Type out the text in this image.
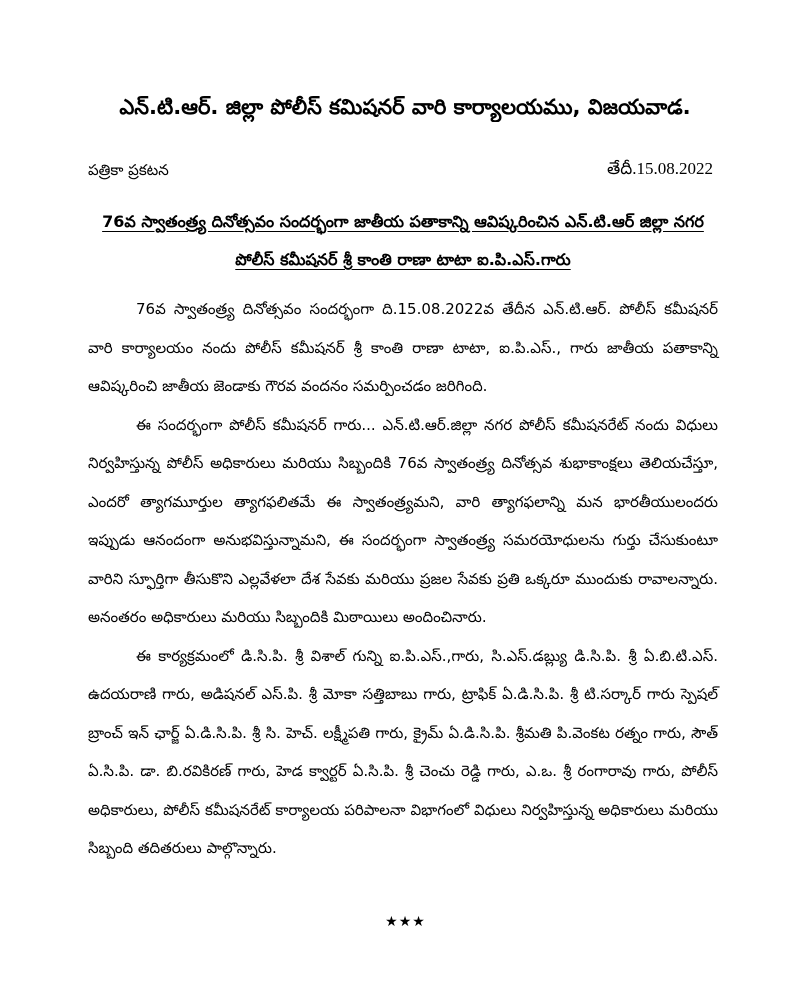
ఎన్.టి.ఆర్. జిల్లా పోలీస్ కమిషనర్ వారి కార్యాలయము, విజయవాడ.
పత్రికా ప్రకటన	తేదీ.15.08.2022
76వ స్వాతంత్ర్య దినోత్సవం సందర్భంగా జాతీయ పతాకాన్ని ఆవిష్కరించిన ఎన్.టి.ఆర్ జిల్లా నగర
పోలీస్ కమీషనర్ శ్రీ కాంతి రాణా టాటా ఐ.పి.ఎస్.గారు

76వ స్వాతంత్ర్య దినోత్సవం సందర్భంగా ది.15.08.2022వ తేదీన ఎన్.టి.ఆర్. పోలీస్ కమీషనర్ వారి కార్యాలయం నందు పోలీస్ కమీషనర్ శ్రీ కాంతి రాణా టాటా, ఐ.పి.ఎస్., గారు జాతీయ పతాకాన్ని ఆవిష్కరించి జాతీయ జెండాకు గౌరవ వందనం సమర్పించడం జరిగింది.

ఈ సందర్భంగా పోలీస్ కమీషనర్ గారు... ఎన్.టి.ఆర్.జిల్లా నగర పోలీస్ కమీషనరేట్ నందు విధులు నిర్వహిస్తున్న పోలీస్ అధికారులు మరియు సిబ్బందికి 76వ స్వాతంత్ర్య దినోత్సవ శుభాకాంక్షలు తెలియచేస్తూ, ఎందరో త్యాగమూర్తుల త్యాగఫలితమే ఈ స్వాతంత్ర్యమని, వారి త్యాగఫలాన్ని మన భారతీయులందరు ఇప్పుడు ఆనందంగా అనుభవిస్తున్నామని, ఈ సందర్భంగా స్వాతంత్ర్య సమరయోధులను గుర్తు చేసుకుంటూ వారిని స్ఫూర్తిగా తీసుకొని ఎల్లవేళలా దేశ సేవకు మరియు ప్రజల సేవకు ప్రతి ఒక్కరూ ముందుకు రావాలన్నారు. అనంతరం అధికారులు మరియు సిబ్బందికి మిఠాయిలు అందించినారు.

ఈ కార్యక్రమంలో డి.సి.పి. శ్రీ విశాల్ గున్ని ఐ.పి.ఎస్.,గారు, సి.ఎస్.డబ్ల్యు డి.సి.పి. శ్రీ ఏ.బి.టి.ఎస్. ఉదయరాణి గారు, అడిషనల్ ఎస్.పి. శ్రీ మోకా సత్తిబాబు గారు, ట్రాఫిక్ ఏ.డి.సి.పి. శ్రీ టి.సర్కార్ గారు స్పెషల్ బ్రాంచ్ ఇన్ ఛార్జ్ ఏ.డి.సి.పి. శ్రీ సి. హెచ్. లక్ష్మీపతి గారు, క్రైమ్ ఏ.డి.సి.పి. శ్రీమతి పి.వెంకట రత్నం గారు, సౌత్ ఏ.సి.పి. డా. బి.రవికిరణ్ గారు, హెడ క్వార్టర్ ఏ.సి.పి. శ్రీ చెంచు రెడ్డి గారు, ఎ.ఒ. శ్రీ రంగారావు గారు, పోలీస్ అధికారులు, పోలీస్ కమీషనరేట్ కార్యాలయ పరిపాలనా విభాగంలో విధులు నిర్వహిస్తున్న అధికారులు మరియు సిబ్బంది తదితరులు పాల్గొన్నారు.

★★★
